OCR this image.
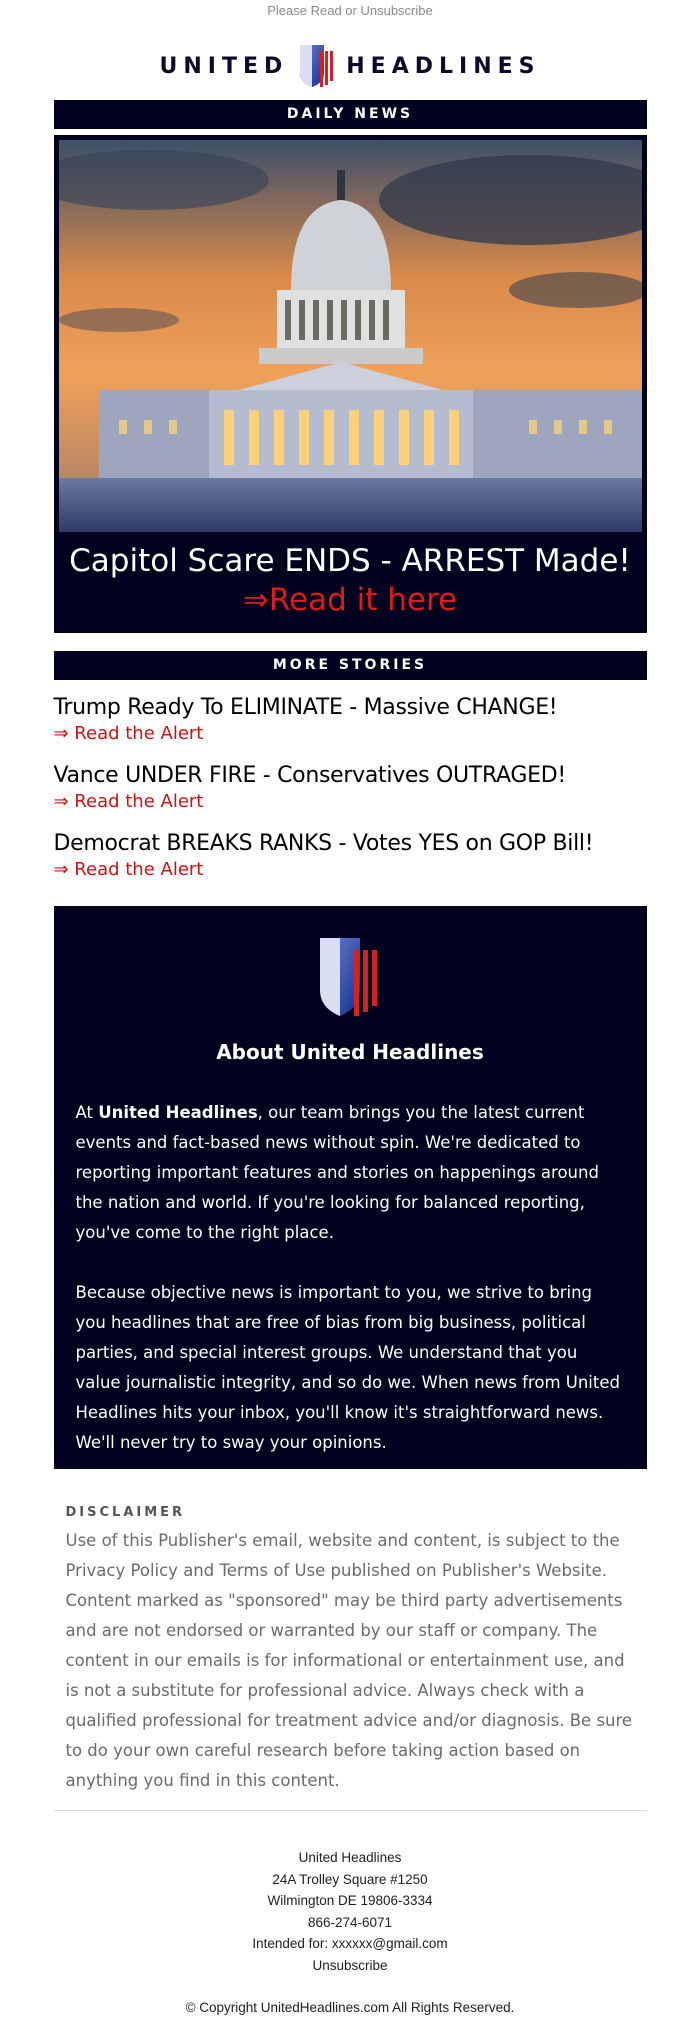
Please Read or Unsubscribe
UNITED	HEADLINES
DAILY NEWS
Capitol Scare ENDS - ARREST Made!
⇒Read it here
MORE STORIES
Trump Ready To ELIMINATE - Massive CHANGE!
⇒ Read the Alert
Vance UNDER FIRE - Conservatives OUTRAGED!
⇒ Read the Alert
Democrat BREAKS RANKS - Votes YES on GOP Bill!
⇒ Read the Alert
About United Headlines
At United Headlines, our team brings you the latest current events and fact-based news without spin. We're dedicated to reporting important features and stories on happenings around the nation and world. If you're looking for balanced reporting, you've come to the right place.
Because objective news is important to you, we strive to bring you headlines that are free of bias from big business, political parties, and special interest groups. We understand that you value journalistic integrity, and so do we. When news from United Headlines hits your inbox, you'll know it's straightforward news. We'll never try to sway your opinions.
DISCLAIMER
Use of this Publisher's email, website and content, is subject to the Privacy Policy and Terms of Use published on Publisher's Website. Content marked as "sponsored" may be third party advertisements and are not endorsed or warranted by our staff or company. The content in our emails is for informational or entertainment use, and is not a substitute for professional advice. Always check with a qualified professional for treatment advice and/or diagnosis. Be sure to do your own careful research before taking action based on anything you find in this content.
United Headlines
24A Trolley Square #1250
Wilmington DE 19806-3334
866-274-6071
Intended for: xxxxxx@gmail.com
Unsubscribe
© Copyright UnitedHeadlines.com All Rights Reserved.
